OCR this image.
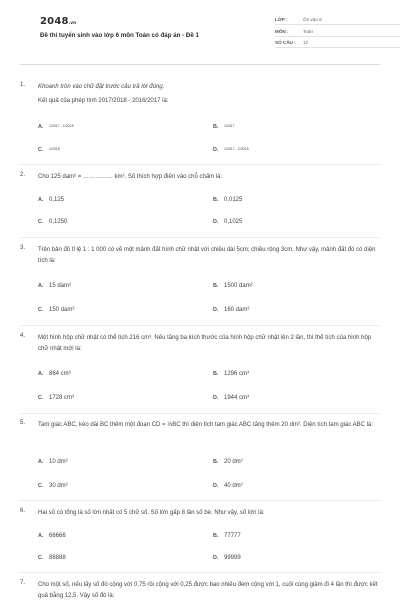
2048.vn
Đề thi tuyển sinh vào lớp 6 môn Toán có đáp án - Đề 1
LỚP :	Ôn vào 6
MÔN :	Toán
SỐ CÂU :	12
1. Khoanh tròn vào chữ đặt trước câu trả lời đúng.
Kết quả của phép tính 2017/2018 - 2016/2017 là:
A.	1/2017 - 1/2018	B.	1/2017
C.	1/2018	D.	1/2017 - 2/2018
2. Cho 125 dam² = …………… km². Số thích hợp điền vào chỗ chấm là:
A. 0,125	B. 0,0125
C. 0,1250	D. 0,1025
3. Trên bản đồ tỉ lệ 1 : 1 000 có vẽ một mảnh đất hình chữ nhật với chiều dài 5cm; chiều rộng 3cm. Như vậy, mảnh đất đó có diện tích là:
A. 15 dam²	B. 1500 dam²
C. 150 dam²	D. 160 dam²
4. Một hình hộp chữ nhật có thể tích 216 cm³. Nếu tăng ba kích thước của hình hộp chữ nhật lên 2 lần, thì thể tích của hình hộp chữ nhật mới là:
A. 864 cm³	B. 1296 cm³
C. 1728 cm³	D. 1944 cm³
5. Tam giác ABC, kéo dài BC thêm một đoạn CD = ⅓BC thì diện tích tam giác ABC tăng thêm 20 dm². Diện tích tam giác ABC là:
A. 10 dm²	B. 20 dm²
C. 30 dm²	D. 40 dm²
6. Hai số có tổng là số lớn nhất có 5 chữ số. Số lớn gấp 8 lần số bé. Như vậy, số lớn là:
A. 66666	B. 77777
C. 88888	D. 99999
7. Cho một số, nếu lấy số đó cộng với 0,75 rồi cộng với 0,25 được bao nhiêu đem cộng với 1, cuối cùng giảm đi 4 lần thì được kết quả bằng 12,5. Vậy số đó là:
